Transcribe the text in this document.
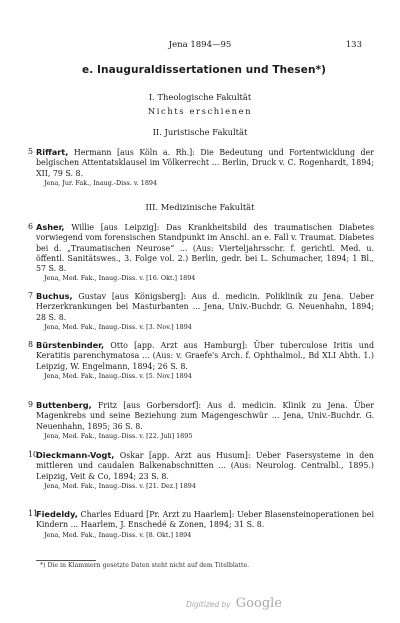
Jena 1894—95	133
e. Inauguraldissertationen und Thesen*)
I. Theologische Fakultät
Nichts erschienen
II. Juristische Fakultät
5 Riffart, Hermann [aus Köln a. Rh.]: Die Bedeutung und Fortentwicklung der belgischen Attentatsklausel im Völkerrecht ... Berlin, Druck v. C. Rogenhardt, 1894; XII, 79 S. 8.

Jena, Jur. Fak., Inaug.-Diss. v. 1894
III. Medizinische Fakultät
6 Asher, Willie [aus Leipzig]: Das Krankheitsbild des traumatischen Diabetes vorwiegend vom forensischen Standpunkt im Anschl. an e. Fall v. Traumat. Diabetes bei d. „Traumatischen Neurose“ ... (Aus: Vierteljahrsschr. f. gerichtl. Med. u. öffentl. Sanitätswes., 3. Folge vol. 2.) Berlin, gedr. bei L. Schumacher, 1894; 1 Bl., 57 S. 8.

Jena, Med. Fak., Inaug.-Diss. v. [16. Okt.] 1894
7 Buchus, Gustav [aus Königsberg]: Aus d. medicin. Poliklinik zu Jena. Ueber Herzerkrankungen bei Masturbanten ... Jena, Univ.-Buchdr. G. Neuenhahn, 1894; 28 S. 8.

Jena, Med. Fak., Inaug.-Diss. v. [3. Nov.] 1894
8 Bürstenbinder, Otto [app. Arzt aus Hamburg]: Über tuberculose Iritis und Keratitis parenchymatosa ... (Aus: v. Graefe's Arch. f. Ophthalmol., Bd XLI Abth. 1.) Leipzig, W. Engelmann, 1894; 26 S. 8.

Jena, Med. Fak., Inaug.-Diss. v. [5. Nov.] 1894
9 Buttenberg, Fritz [aus Gorbersdorf]: Aus d. medicin. Klinik zu Jena. Über Magenkrebs und seine Beziehung zum Magengeschwür ... Jena, Univ.-Buchdr. G. Neuenhahn, 1895; 36 S. 8.

Jena, Med. Fak., Inaug.-Diss. v. [22. Juli] 1895
10

Dieckmann-Vogt, Oskar [app. Arzt aus Husum]: Ueber Fasersysteme in den mittleren und caudalen Balkenabschnitten ... (Aus: Neurolog. Centralbl., 1895.) Leipzig, Veit & Co, 1894; 23 S. 8.

Jena, Med. Fak., Inaug.-Diss. v. [21. Dez.] 1894
11

Fiedeldy, Charles Eduard [Pr. Arzt zu Haarlem]: Ueber Blasensteinoperationen bei Kindern ... Haarlem, J. Enschedé & Zonen, 1894; 31 S. 8.

Jena, Med. Fak., Inaug.-Diss. v. [8. Okt.] 1894
*) Die in Klammern gesetzte Daten steht nicht auf dem Titelblatte.
Digitized by Google
